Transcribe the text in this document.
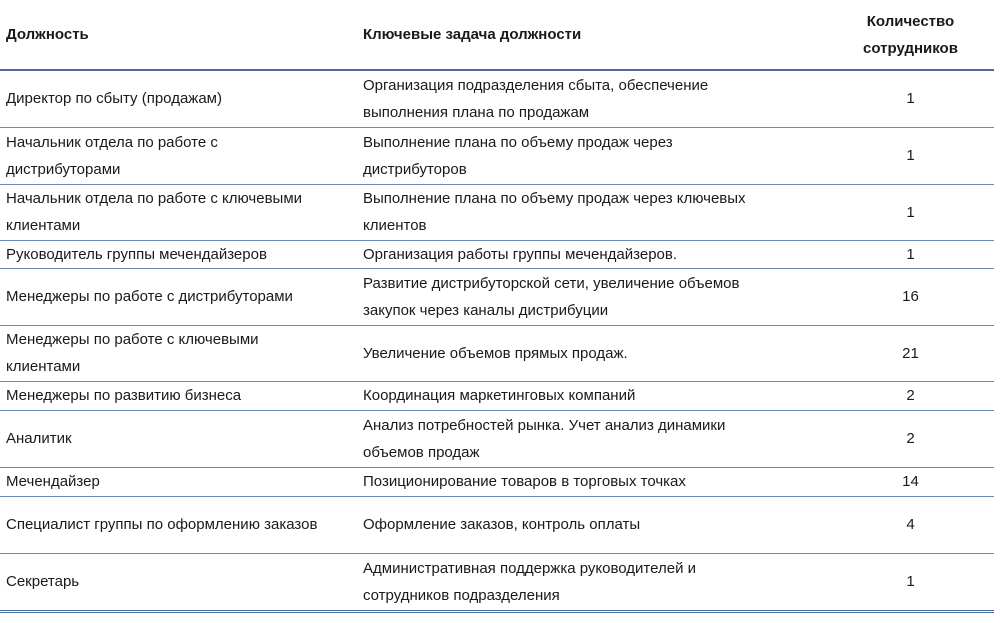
Должность	Ключевые задача должности	Количество
сотрудников

Директор по сбыту (продажам)	Организация подразделения сбыта, обеспечение
выполнения плана по продажам	1

Начальник отдела по работе с
дистрибуторами	Выполнение плана по объему продаж через
дистрибуторов	1

Начальник отдела по работе с ключевыми
клиентами	Выполнение плана по объему продаж через ключевых
клиентов	1

Руководитель группы мечендайзеров	Организация работы группы мечендайзеров.	1

Менеджеры по работе с дистрибуторами	Развитие дистрибуторской сети, увеличение объемов
закупок через каналы дистрибуции	16

Менеджеры по работе с ключевыми
клиентами	Увеличение объемов прямых продаж.	21

Менеджеры по развитию бизнеса	Координация маркетинговых компаний	2

Аналитик	Анализ потребностей рынка. Учет анализ динамики
объемов продаж	2

Мечендайзер	Позиционирование товаров в торговых точках	14

Специалист группы по оформлению заказов	Оформление заказов, контроль оплаты	4

Секретарь	Административная поддержка руководителей и
сотрудников подразделения	1
